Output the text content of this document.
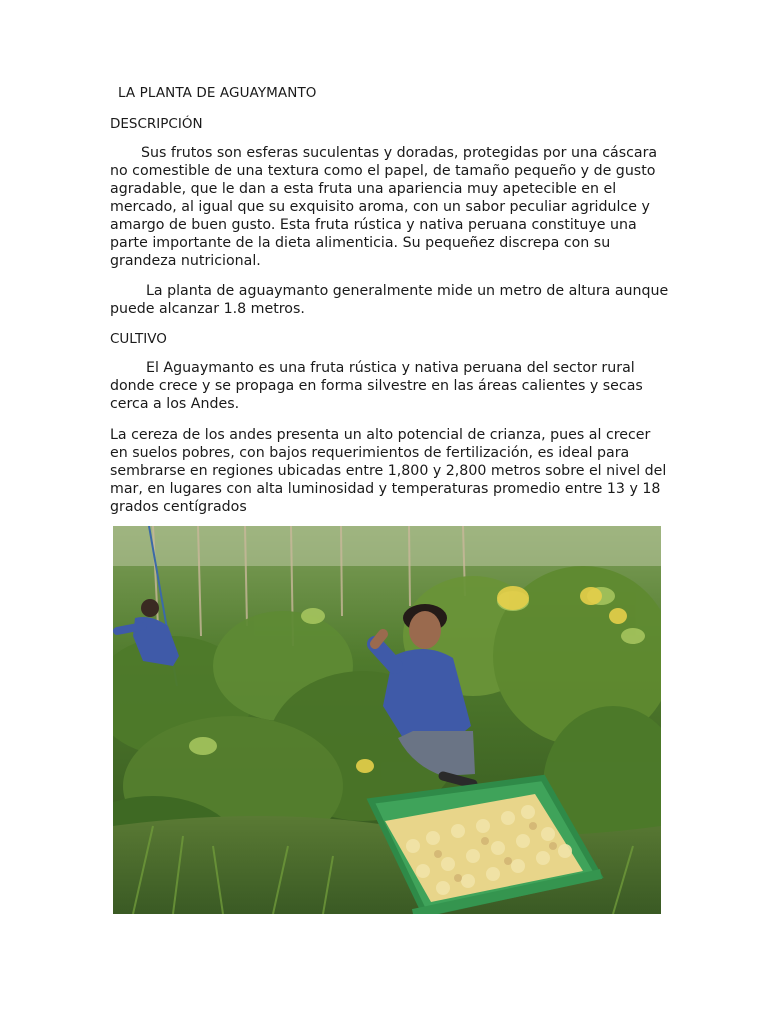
LA PLANTA DE AGUAYMANTO
DESCRIPCIÓN

Sus frutos son esferas suculentas y doradas, protegidas por una cáscara no comestible de una textura como el papel, de tamaño pequeño y de gusto agradable, que le dan a esta fruta una apariencia muy apetecible en el mercado, al igual que su exquisito aroma, con un sabor peculiar agridulce y amargo de buen gusto. Esta fruta rústica y nativa peruana constituye una parte importante de la dieta alimenticia. Su pequeñez discrepa con su grandeza nutricional.

La planta de aguaymanto generalmente mide un metro de altura aunque puede alcanzar 1.8 metros.

CULTIVO

El Aguaymanto es una fruta rústica y nativa peruana del sector rural donde crece y se propaga en forma silvestre en las áreas calientes y secas cerca a los Andes.

La cereza de los andes presenta un alto potencial de crianza, pues al crecer en suelos pobres, con bajos requerimientos de fertilización, es ideal para sembrarse en regiones ubicadas entre 1,800 y 2,800 metros sobre el nivel del mar, en lugares con alta luminosidad y temperaturas promedio entre 13 y 18 grados centígrados
